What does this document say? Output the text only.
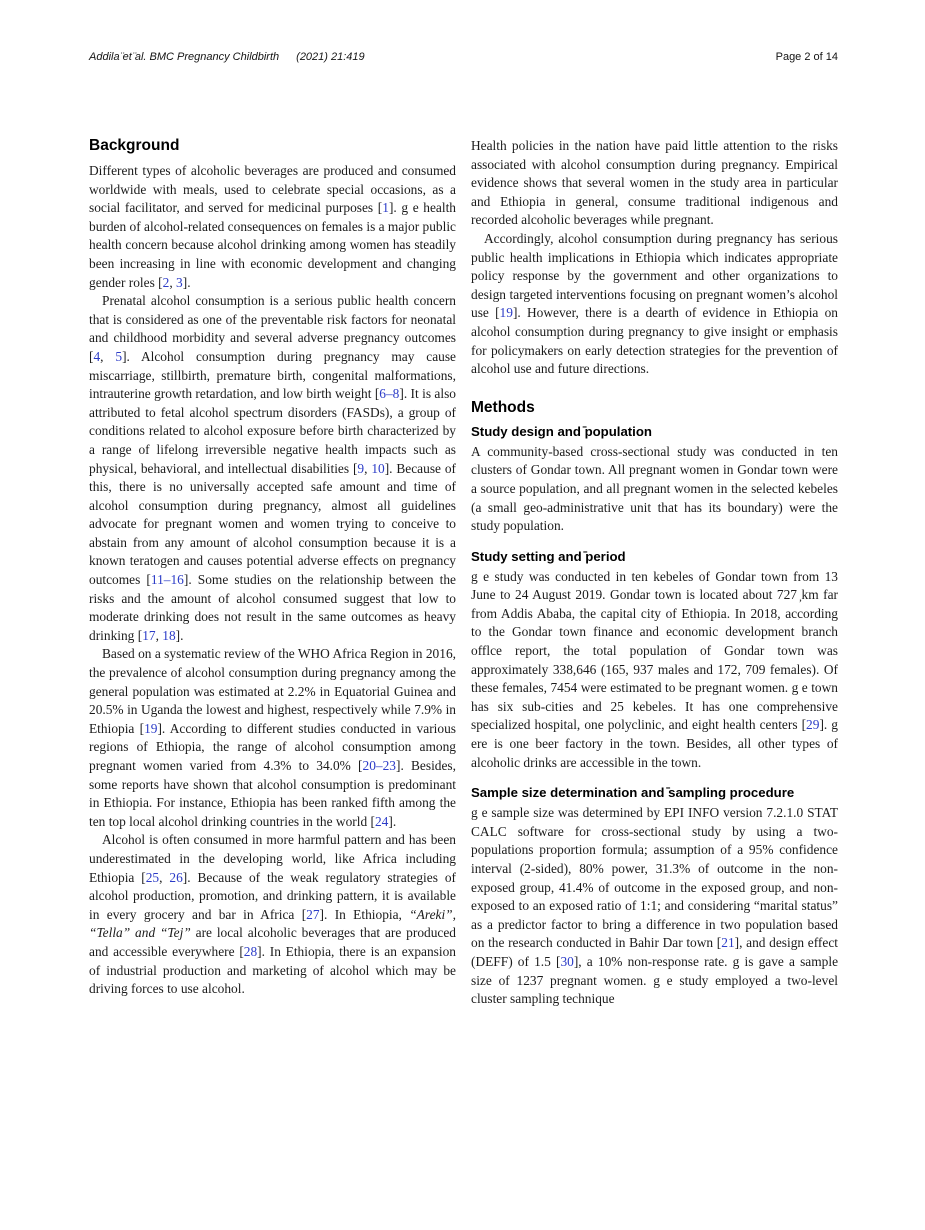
Addila ̈et ̈al. BMC Pregnancy Childbirth (2021) 21:419	Page 2 of 14
Background

Different types of alcoholic beverages are produced and consumed worldwide with meals, used to celebrate special occasions, as a social facilitator, and served for medicinal purposes [1]. g e health burden of alcohol-related consequences on females is a major public health concern because alcohol drinking among women has steadily been increasing in line with economic development and changing gender roles [2, 3].

Prenatal alcohol consumption is a serious public health concern that is considered as one of the preventable risk factors for neonatal and childhood morbidity and several adverse pregnancy outcomes [4, 5]. Alcohol consumption during pregnancy may cause miscarriage, stillbirth, premature birth, congenital malformations, intrauterine growth retardation, and low birth weight [6–8]. It is also attributed to fetal alcohol spectrum disorders (FASDs), a group of conditions related to alcohol exposure before birth characterized by a range of lifelong irreversible negative health impacts such as physical, behavioral, and intellectual disabilities [9, 10]. Because of this, there is no universally accepted safe amount and time of alcohol consumption during pregnancy, almost all guidelines advocate for pregnant women and women trying to conceive to abstain from any amount of alcohol consumption because it is a known teratogen and causes potential adverse effects on pregnancy outcomes [11–16]. Some studies on the relationship between the risks and the amount of alcohol consumed suggest that low to moderate drinking does not result in the same outcomes as heavy drinking [17, 18].

Based on a systematic review of the WHO Africa Region in 2016, the prevalence of alcohol consumption during pregnancy among the general population was estimated at 2.2% in Equatorial Guinea and 20.5% in Uganda the lowest and highest, respectively while 7.9% in Ethiopia [19]. According to different studies conducted in various regions of Ethiopia, the range of alcohol consumption among pregnant women varied from 4.3% to 34.0% [20–23]. Besides, some reports have shown that alcohol consumption is predominant in Ethiopia. For instance, Ethiopia has been ranked fifth among the ten top local alcohol drinking countries in the world [24].

Alcohol is often consumed in more harmful pattern and has been underestimated in the developing world, like Africa including Ethiopia [25, 26]. Because of the weak regulatory strategies of alcohol production, promotion, and drinking pattern, it is available in every grocery and bar in Africa [27]. In Ethiopia, “Areki”, “Tella” and “Tej” are local alcoholic beverages that are produced and accessible everywhere [28]. In Ethiopia, there is an expansion of industrial production and marketing of alcohol which may be driving forces to use alcohol.

Health policies in the nation have paid little attention to the risks associated with alcohol consumption during pregnancy. Empirical evidence shows that several women in the study area in particular and Ethiopia in general, consume traditional indigenous and recorded alcoholic beverages while pregnant.

Accordingly, alcohol consumption during pregnancy has serious public health implications in Ethiopia which indicates appropriate policy response by the government and other organizations to design targeted interventions focusing on pregnant women’s alcohol use [19]. However, there is a dearth of evidence in Ethiopia on alcohol consumption during pregnancy to give insight or emphasis for policymakers on early detection strategies for the prevention of alcohol use and future directions.

Methods
Study design and ̄population

A community-based cross-sectional study was conducted in ten clusters of Gondar town. All pregnant women in Gondar town were a source population, and all pregnant women in the selected kebeles (a small geo-administrative unit that has its boundary) were the study population.

Study setting and ̄period

g e study was conducted in ten kebeles of Gondar town from 13 June to 24 August 2019. Gondar town is located about 727 ̦km far from Addis Ababa, the capital city of Ethiopia. In 2018, according to the Gondar town finance and economic development branch offlce report, the total population of Gondar town was approximately 338,646 (165, 937 males and 172, 709 females). Of these females, 7454 were estimated to be pregnant women. g e town has six sub-cities and 25 kebeles. It has one comprehensive specialized hospital, one polyclinic, and eight health centers [29]. g ere is one beer factory in the town. Besides, all other types of alcoholic drinks are accessible in the town.

Sample size determination and ̄sampling procedure

g e sample size was determined by EPI INFO version 7.2.1.0 STAT CALC software for cross-sectional study by using a two-populations proportion formula; assumption of a 95% confidence interval (2-sided), 80% power, 31.3% of outcome in the non-exposed group, 41.4% of outcome in the exposed group, and non-exposed to an exposed ratio of 1:1; and considering “marital status” as a predictor factor to bring a difference in two population based on the research conducted in Bahir Dar town [21], and design effect (DEFF) of 1.5 [30], a 10% non-response rate. g is gave a sample size of 1237 pregnant women. g e study employed a two-level cluster sampling technique
